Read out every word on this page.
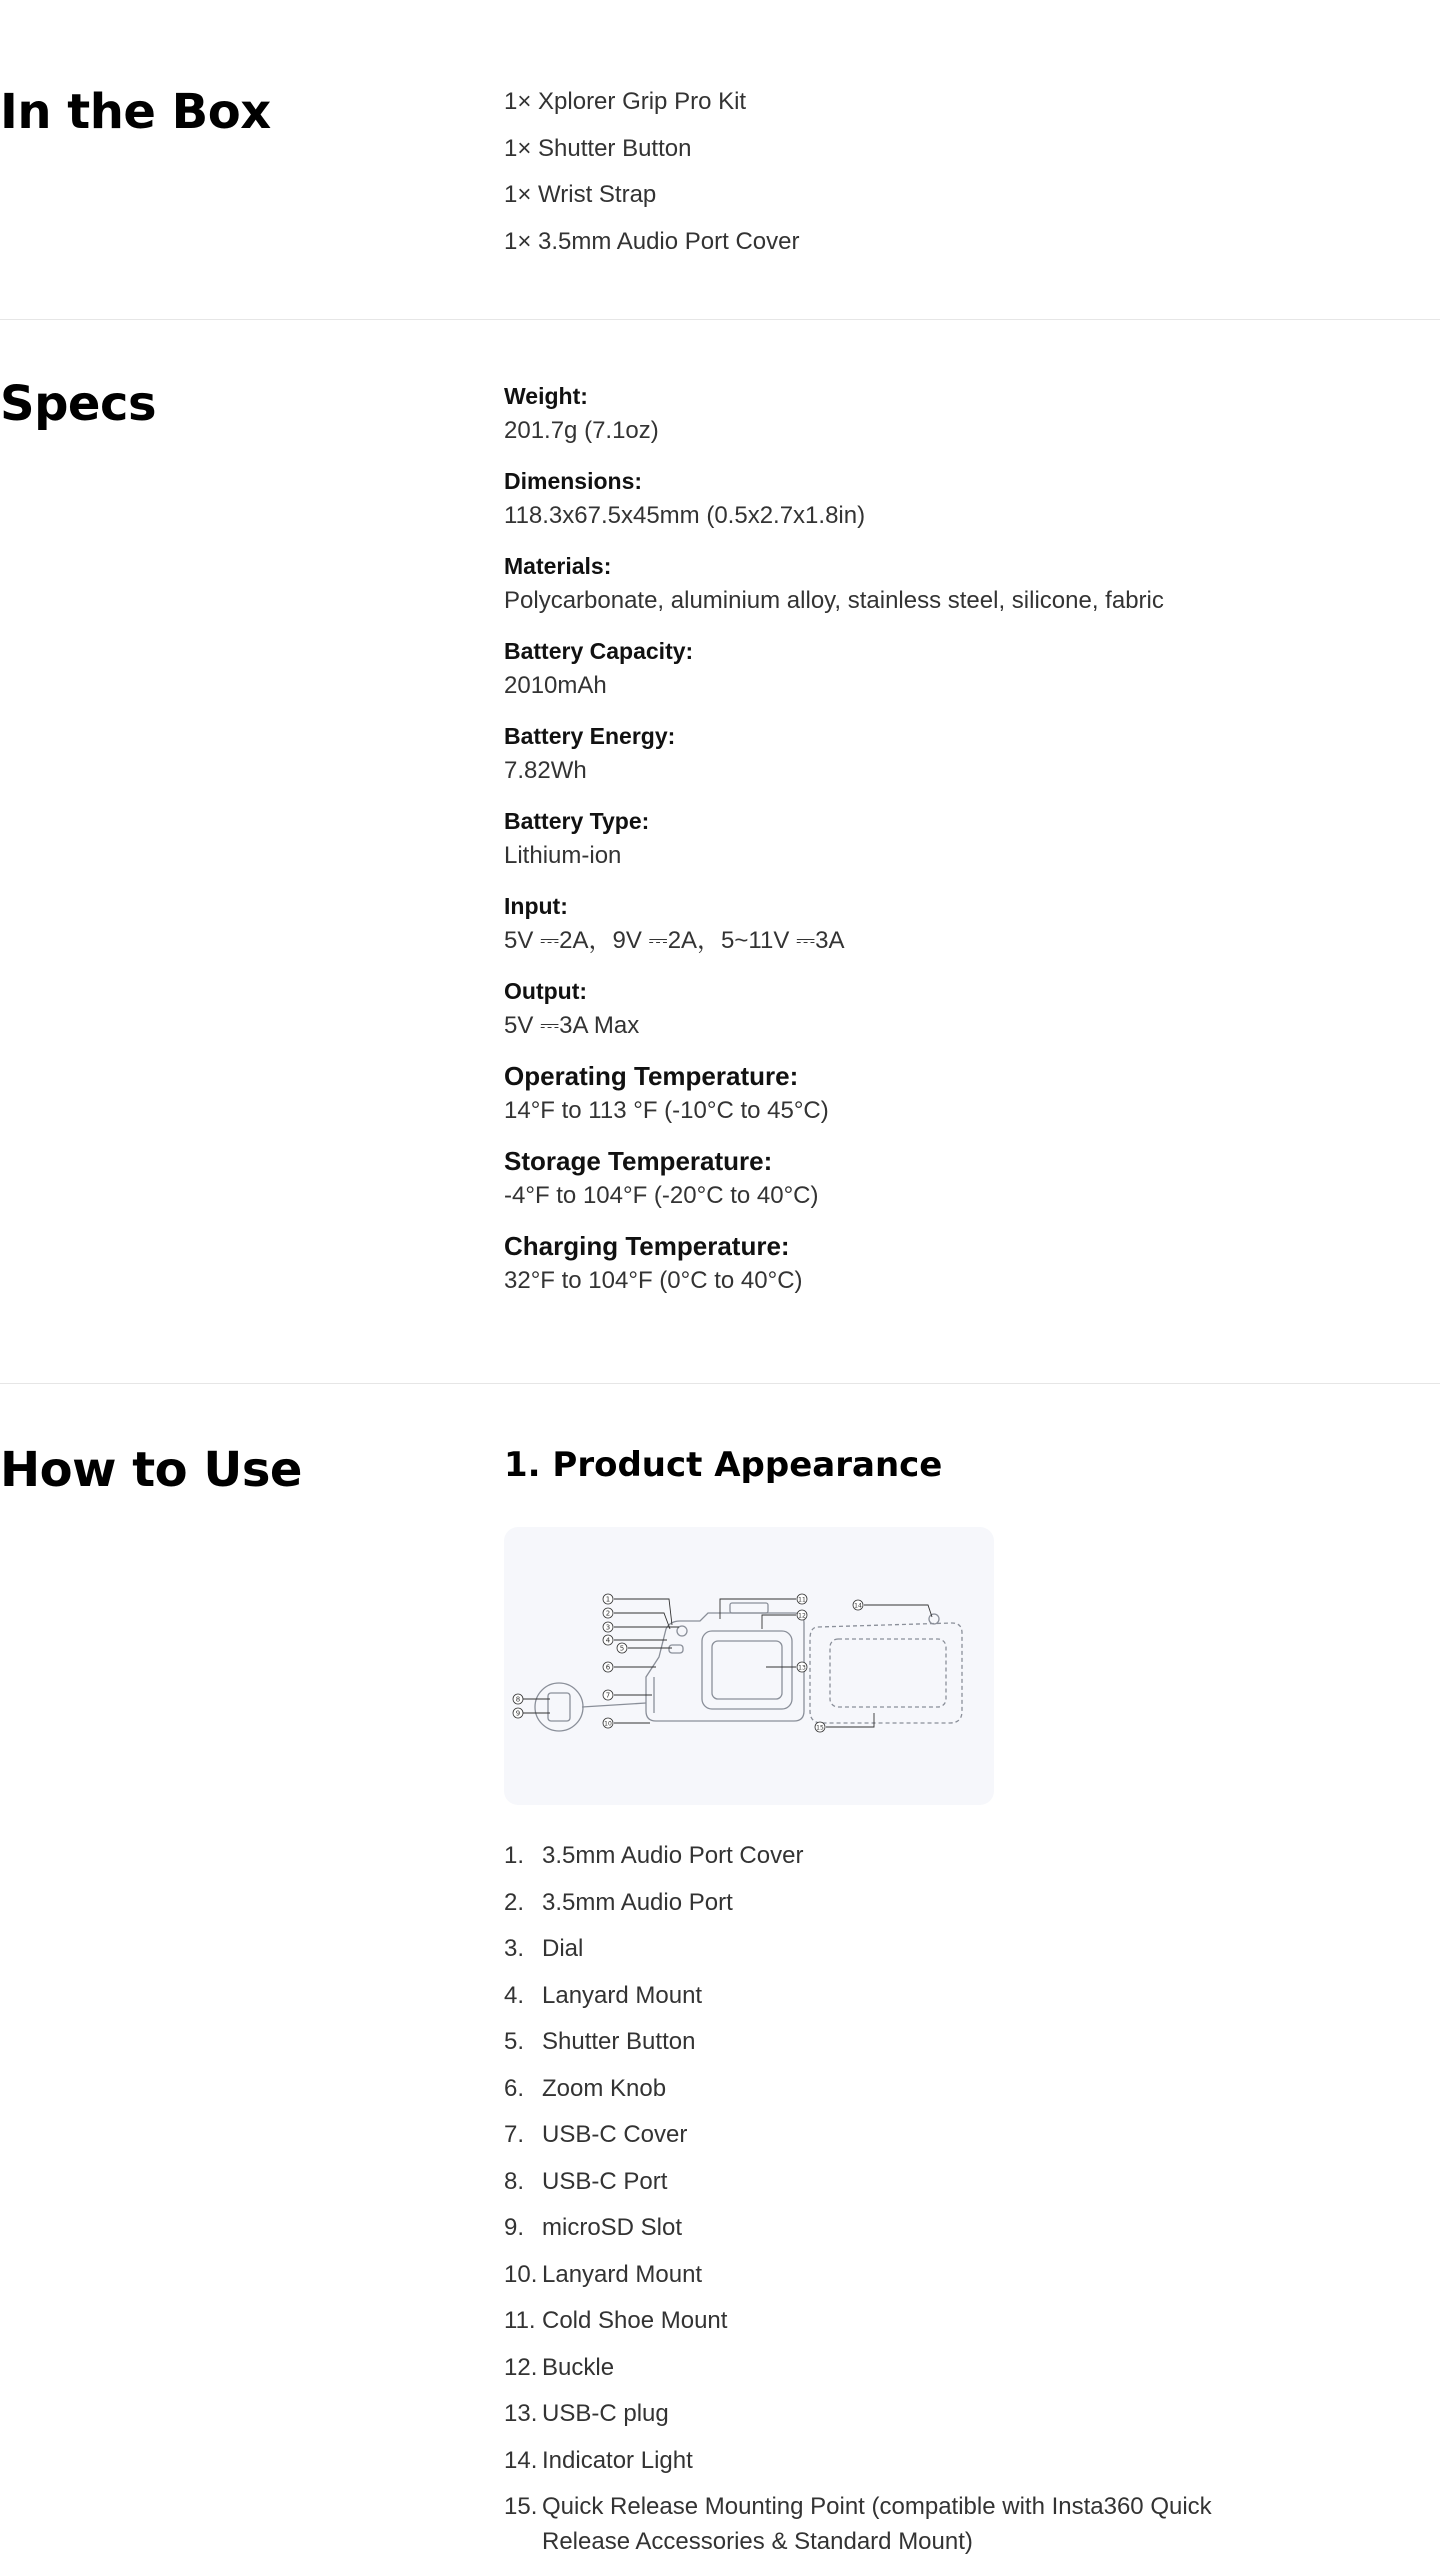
In the Box	1× Xplorer Grip Pro Kit
1× Shutter Button
1× Wrist Strap
1× 3.5mm Audio Port Cover
Specs	Weight:
201.7g (7.1oz)
Dimensions:
118.3x67.5x45mm (0.5x2.7x1.8in)
Materials:
Polycarbonate, aluminium alloy, stainless steel, silicone, fabric
Battery Capacity:
2010mAh
Battery Energy:
7.82Wh
Battery Type:
Lithium-ion
Input:
5V ⎓2A，9V ⎓2A，5~11V ⎓3A
Output:
5V ⎓3A Max
Operating Temperature:
14°F to 113 °F (-10°C to 45°C)
Storage Temperature:
-4°F to 104°F (-20°C to 40°C)
Charging Temperature:
32°F to 104°F (0°C to 40°C)
How to Use	1. Product Appearance
1
2
3
4
5
6
7
8
9
10
11
12
13
14
15
1. 3.5mm Audio Port Cover
2. 3.5mm Audio Port
3. Dial
4. Lanyard Mount
5. Shutter Button
6. Zoom Knob
7. USB-C Cover
8. USB-C Port
9. microSD Slot
10. Lanyard Mount
11. Cold Shoe Mount
12. Buckle
13. USB-C plug
14. Indicator Light
15. Quick Release Mounting Point (compatible with Insta360 Quick Release Accessories & Standard Mount)
